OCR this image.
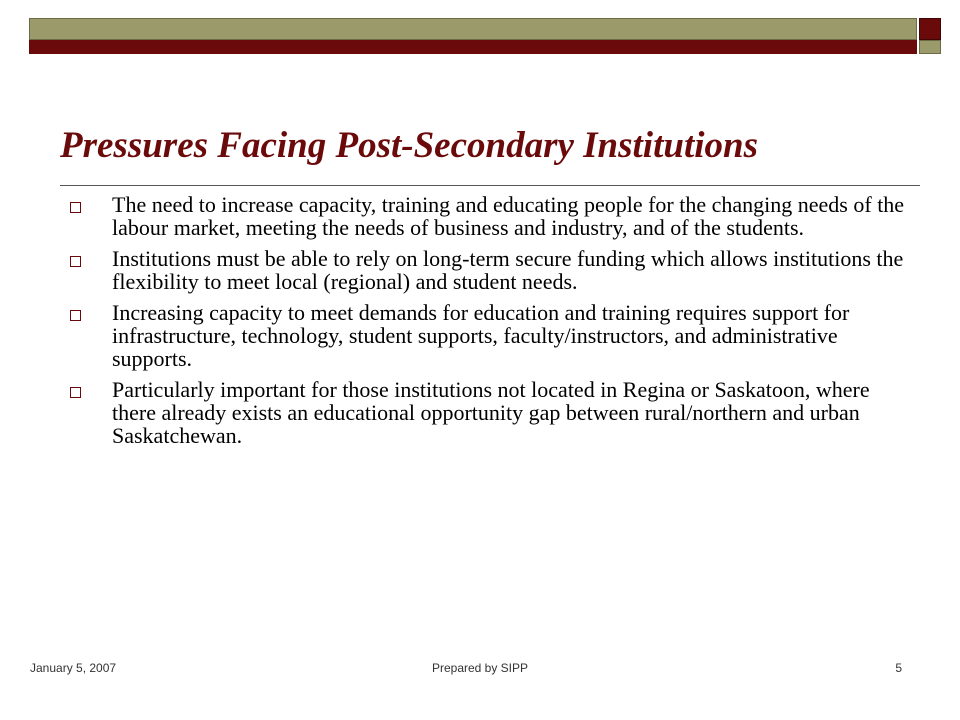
Pressures Facing Post-Secondary Institutions
The need to increase capacity, training and educating people for the changing needs of the labour market, meeting the needs of business and industry, and of the students.
Institutions must be able to rely on long-term secure funding which allows institutions the flexibility to meet local (regional) and student needs.
Increasing capacity to meet demands for education and training requires support for infrastructure, technology, student supports, faculty/instructors, and administrative supports.
Particularly important for those institutions not located in Regina or Saskatoon, where there already exists an educational opportunity gap between rural/northern and urban Saskatchewan.
January 5, 2007	Prepared by SIPP	5
